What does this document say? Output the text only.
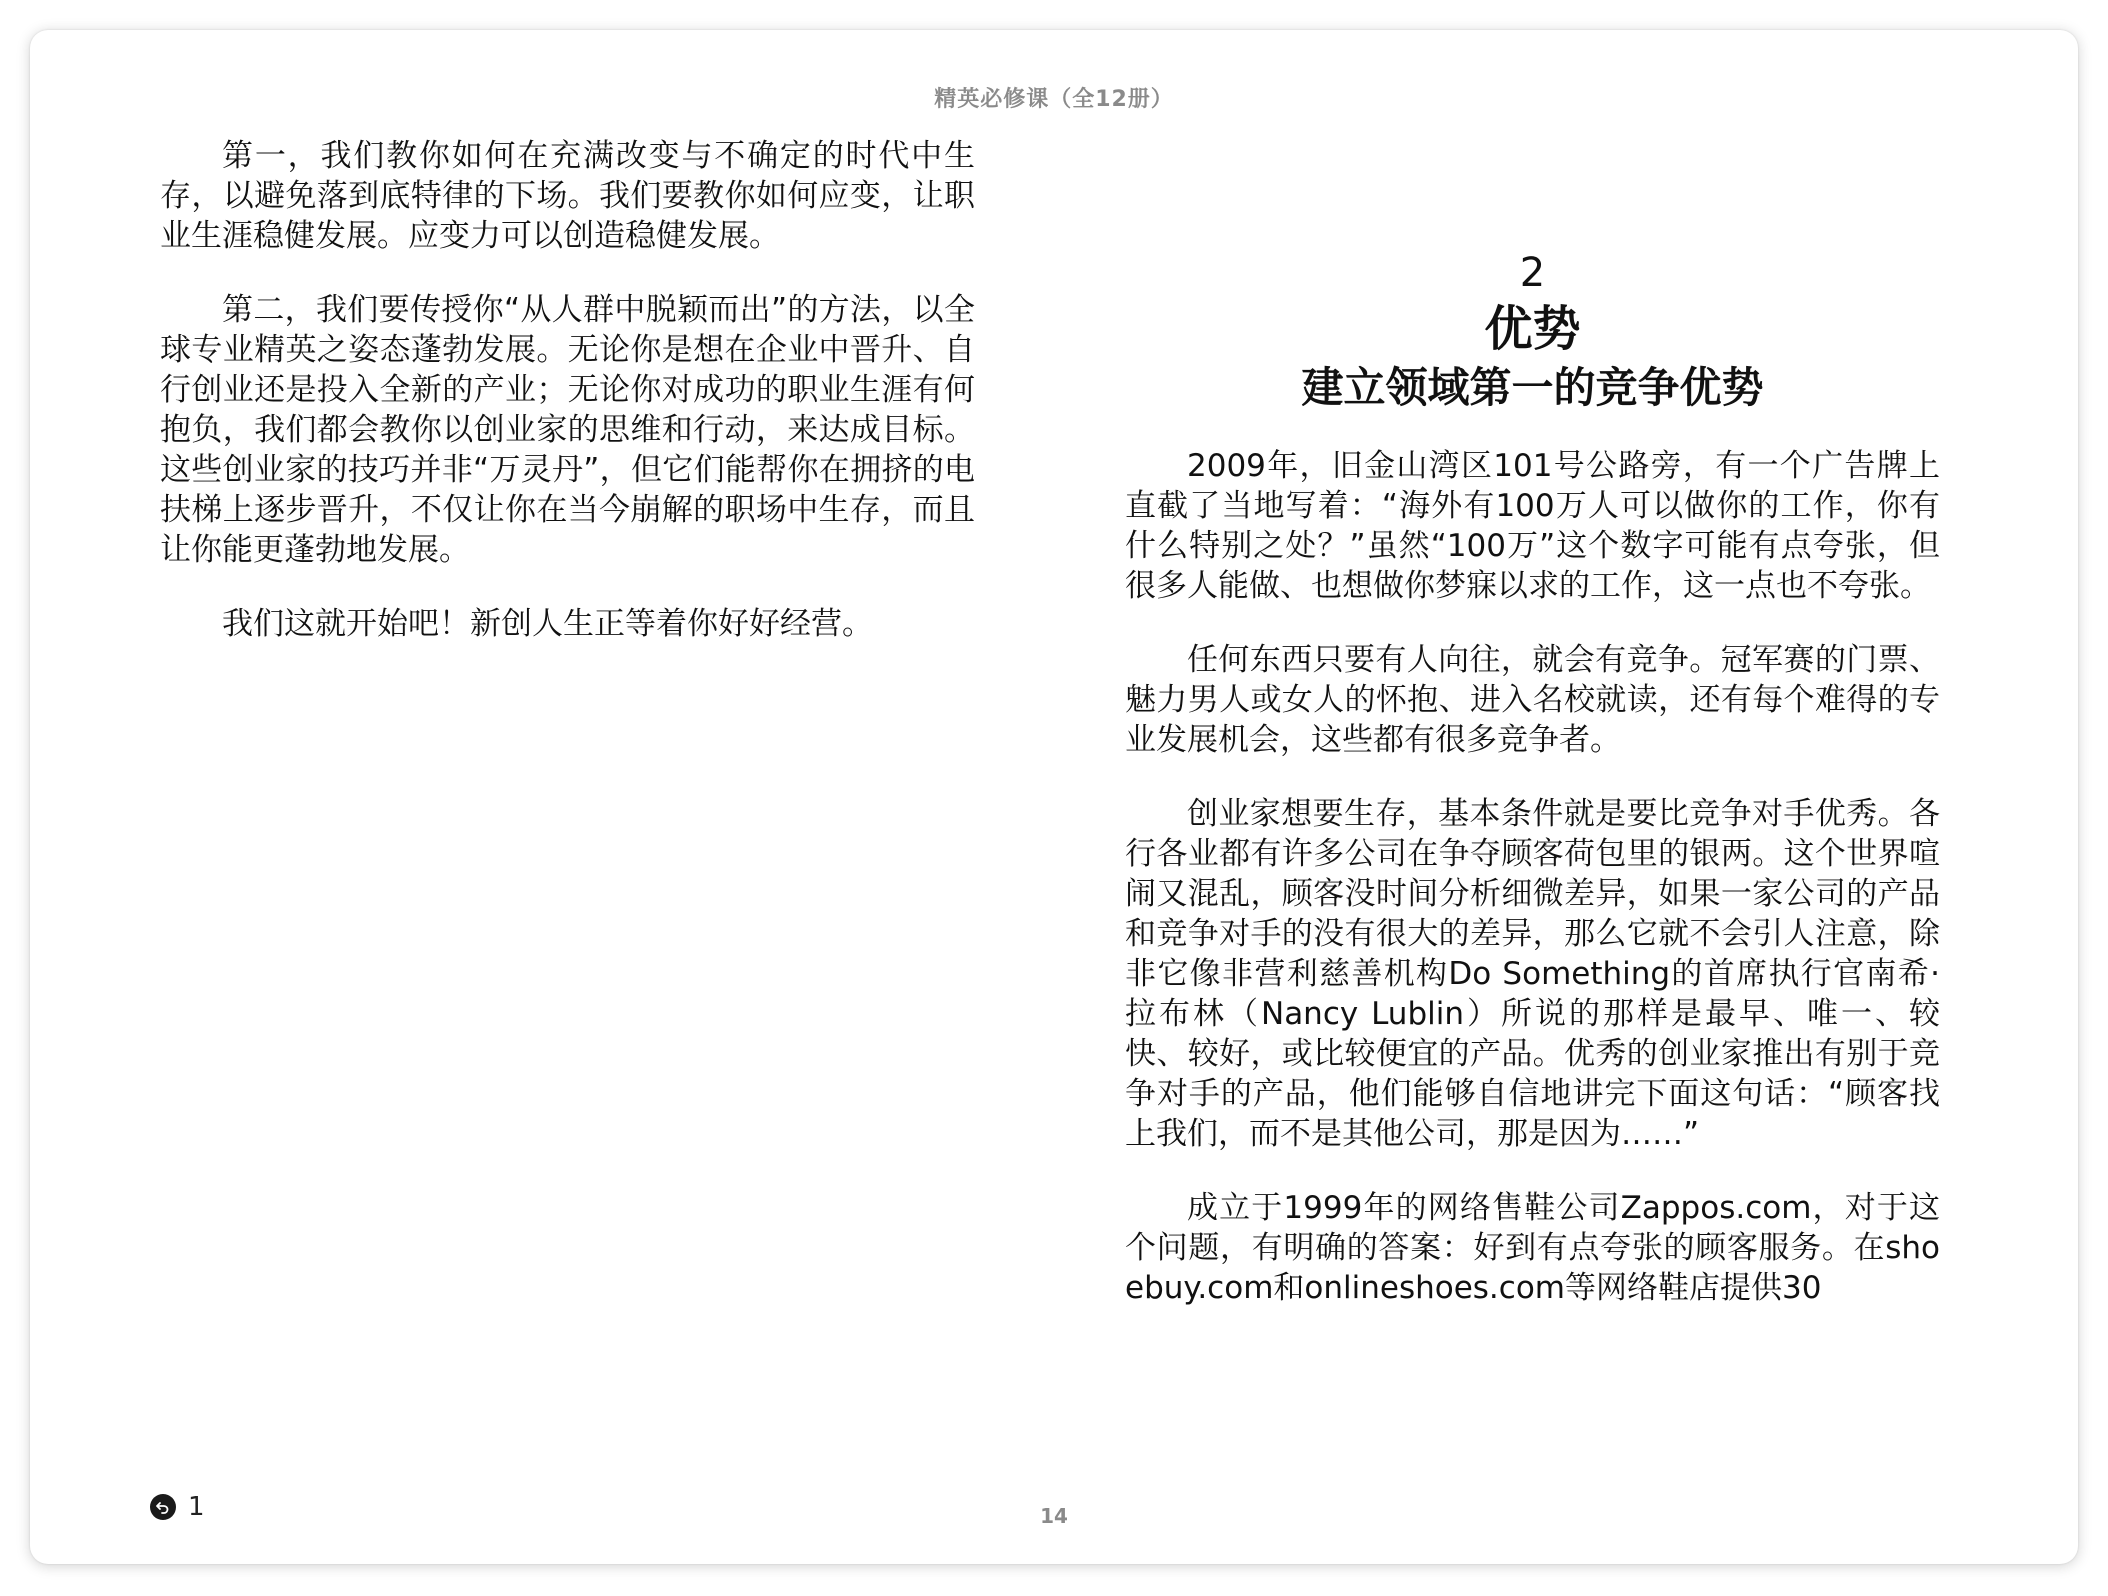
精英必修课（全12册）

第一，我们教你如何在充满改变与不确定的时代中生存，以避免落到底特律的下场。我们要教你如何应变，让职业生涯稳健发展。应变力可以创造稳健发展。

第二，我们要传授你“从人群中脱颖而出”的方法，以全球专业精英之姿态蓬勃发展。无论你是想在企业中晋升、自行创业还是投入全新的产业；无论你对成功的职业生涯有何抱负，我们都会教你以创业家的思维和行动，来达成目标。这些创业家的技巧并非“万灵丹”，但它们能帮你在拥挤的电扶梯上逐步晋升，不仅让你在当今崩解的职场中生存，而且让你能更蓬勃地发展。

我们这就开始吧！新创人生正等着你好好经营。

2
优势
建立领域第一的竞争优势

2009年，旧金山湾区101号公路旁，有一个广告牌上直截了当地写着：“海外有100万人可以做你的工作，你有什么特别之处？”虽然“100万”这个数字可能有点夸张，但很多人能做、也想做你梦寐以求的工作，这一点也不夸张。

任何东西只要有人向往，就会有竞争。冠军赛的门票、魅力男人或女人的怀抱、进入名校就读，还有每个难得的专业发展机会，这些都有很多竞争者。

创业家想要生存，基本条件就是要比竞争对手优秀。各行各业都有许多公司在争夺顾客荷包里的银两。这个世界喧闹又混乱，顾客没时间分析细微差异，如果一家公司的产品和竞争对手的没有很大的差异，那么它就不会引人注意，除非它像非营利慈善机构Do Something的首席执行官南希·拉布林（Nancy Lublin）所说的那样是最早、唯一、较快、较好，或比较便宜的产品。优秀的创业家推出有别于竞争对手的产品，他们能够自信地讲完下面这句话：“顾客找上我们，而不是其他公司，那是因为……”

成立于1999年的网络售鞋公司Zappos.com，对于这个问题，有明确的答案：好到有点夸张的顾客服务。在shoebuy.com和onlineshoes.com等网络鞋店提供30

1	14
